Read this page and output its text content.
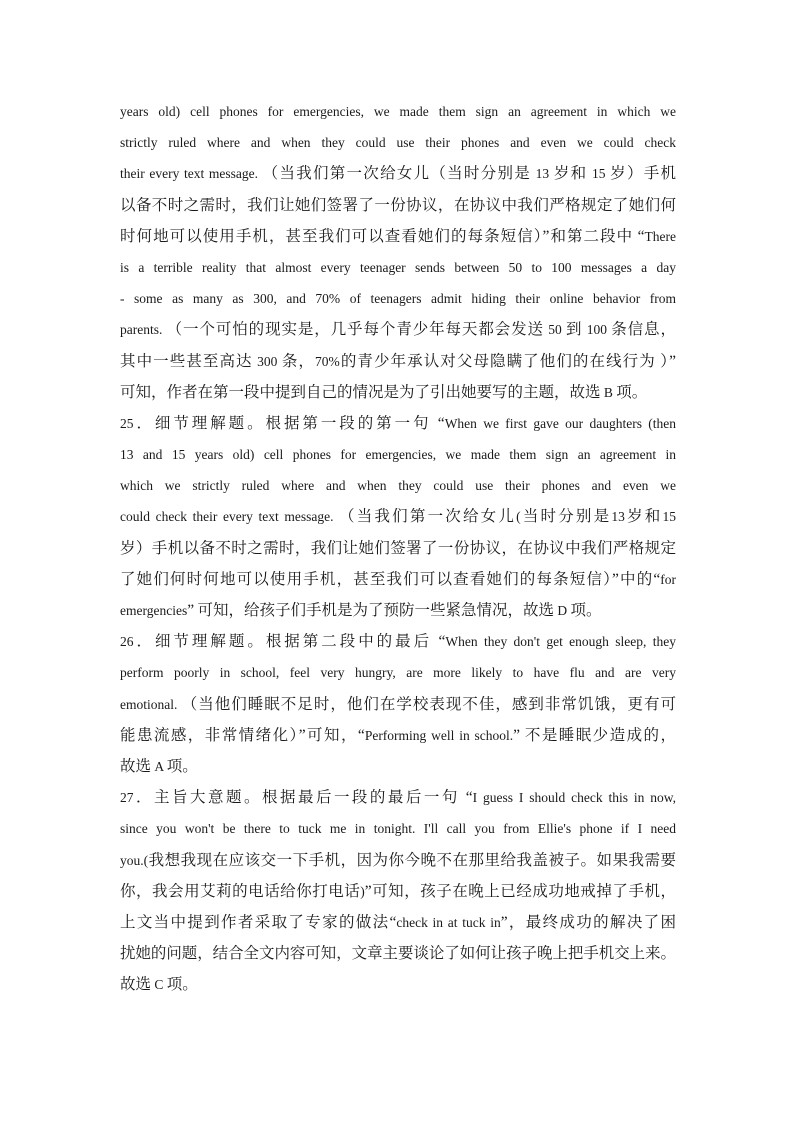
years old) cell phones for emergencies, we made them sign an agreement in which we
strictly ruled where and when they could use their phones and even we could check
their every text message. （当我们第一次给女儿（当时分别是 13 岁和 15 岁）手机
以备不时之需时，我们让她们签署了一份协议，在协议中我们严格规定了她们何
时何地可以使用手机，甚至我们可以查看她们的每条短信）”和第二段中 “There
is a terrible reality that almost every teenager sends between 50 to 100 messages a day
- some as many as 300, and 70% of teenagers admit hiding their online behavior from
parents. （一个可怕的现实是，几乎每个青少年每天都会发送 50 到 100 条信息，
其中一些甚至高达 300 条，70%的青少年承认对父母隐瞒了他们的在线行为 ）”
可知，作者在第一段中提到自己的情况是为了引出她要写的主题，故选 B 项。
25．细节理解题。根据第一段的第一句 “When we first gave our daughters (then
13 and 15 years old) cell phones for emergencies, we made them sign an agreement in
which we strictly ruled where and when they could use their phones and even we
could check their every text message. （当我们第一次给女儿(当时分别是13岁和15
岁）手机以备不时之需时，我们让她们签署了一份协议，在协议中我们严格规定
了她们何时何地可以使用手机，甚至我们可以查看她们的每条短信）”中的“for
emergencies” 可知，给孩子们手机是为了预防一些紧急情况，故选 D 项。
26．细节理解题。根据第二段中的最后 “When they don't get enough sleep, they
perform poorly in school, feel very hungry, are more likely to have flu and are very
emotional. （当他们睡眠不足时，他们在学校表现不佳，感到非常饥饿，更有可
能患流感，非常情绪化）”可知，“Performing well in school.” 不是睡眠少造成的，
故选 A 项。
27．主旨大意题。根据最后一段的最后一句 “I guess I should check this in now,
since you won't be there to tuck me in tonight. I'll call you from Ellie's phone if I need
you.(我想我现在应该交一下手机，因为你今晚不在那里给我盖被子。如果我需要
你，我会用艾莉的电话给你打电话)”可知，孩子在晚上已经成功地戒掉了手机，
上文当中提到作者采取了专家的做法“check in at tuck in”，最终成功的解决了困
扰她的问题，结合全文内容可知，文章主要谈论了如何让孩子晚上把手机交上来。
故选 C 项。
